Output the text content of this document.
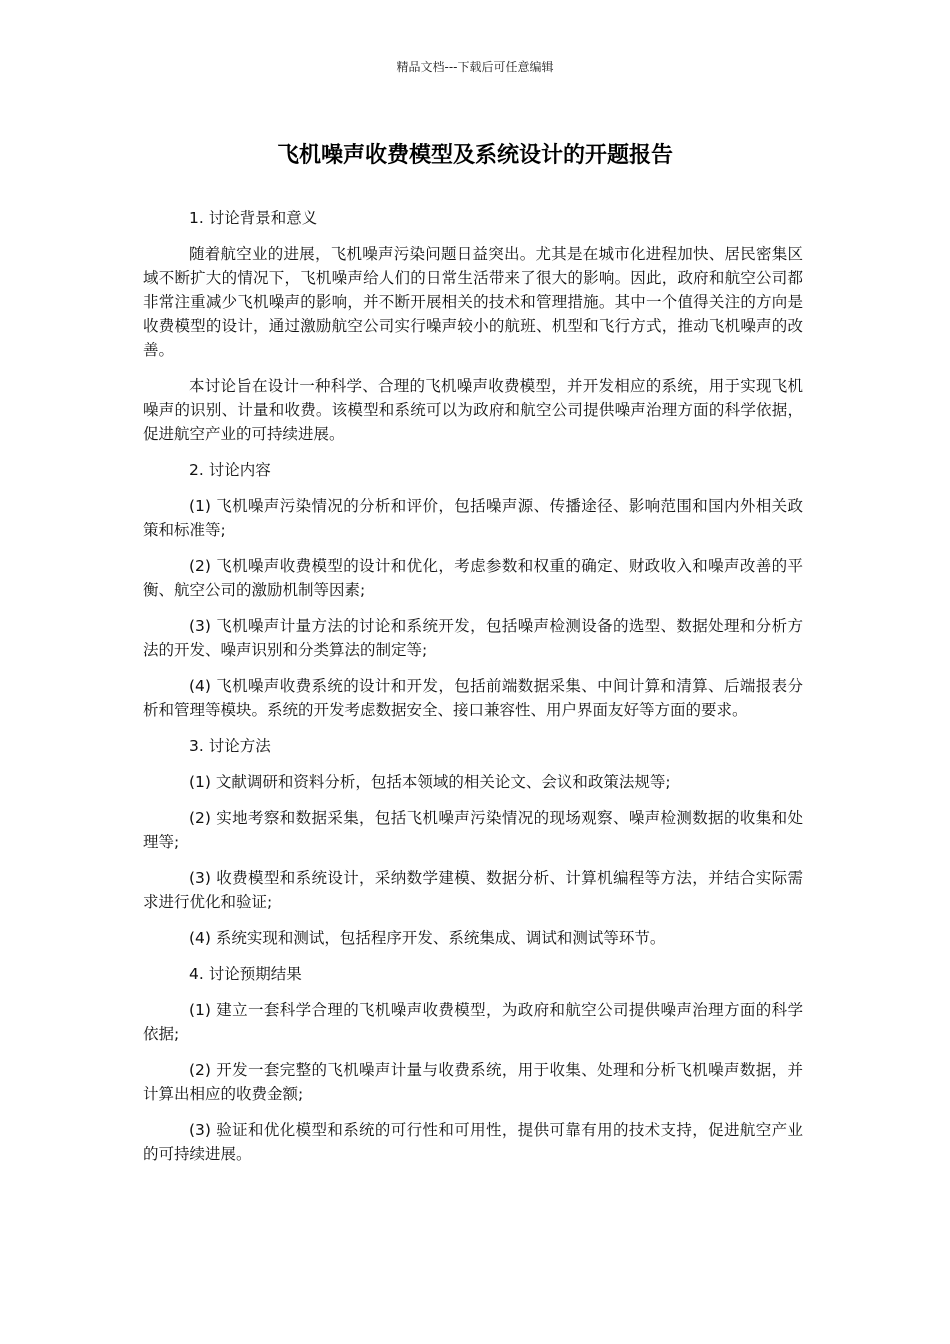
精品文档---下载后可任意编辑
飞机噪声收费模型及系统设计的开题报告

1. 讨论背景和意义

随着航空业的进展，飞机噪声污染问题日益突出。尤其是在城市化进程加快、居民密集区域不断扩大的情况下，飞机噪声给人们的日常生活带来了很大的影响。因此，政府和航空公司都非常注重减少飞机噪声的影响，并不断开展相关的技术和管理措施。其中一个值得关注的方向是收费模型的设计，通过激励航空公司实行噪声较小的航班、机型和飞行方式，推动飞机噪声的改善。

本讨论旨在设计一种科学、合理的飞机噪声收费模型，并开发相应的系统，用于实现飞机噪声的识别、计量和收费。该模型和系统可以为政府和航空公司提供噪声治理方面的科学依据，促进航空产业的可持续进展。

2. 讨论内容

(1) 飞机噪声污染情况的分析和评价，包括噪声源、传播途径、影响范围和国内外相关政策和标准等;

(2) 飞机噪声收费模型的设计和优化，考虑参数和权重的确定、财政收入和噪声改善的平衡、航空公司的激励机制等因素;

(3) 飞机噪声计量方法的讨论和系统开发，包括噪声检测设备的选型、数据处理和分析方法的开发、噪声识别和分类算法的制定等;

(4) 飞机噪声收费系统的设计和开发，包括前端数据采集、中间计算和清算、后端报表分析和管理等模块。系统的开发考虑数据安全、接口兼容性、用户界面友好等方面的要求。

3. 讨论方法

(1) 文献调研和资料分析，包括本领域的相关论文、会议和政策法规等;

(2) 实地考察和数据采集，包括飞机噪声污染情况的现场观察、噪声检测数据的收集和处理等;

(3) 收费模型和系统设计，采纳数学建模、数据分析、计算机编程等方法，并结合实际需求进行优化和验证;

(4) 系统实现和测试，包括程序开发、系统集成、调试和测试等环节。

4. 讨论预期结果

(1) 建立一套科学合理的飞机噪声收费模型，为政府和航空公司提供噪声治理方面的科学依据;

(2) 开发一套完整的飞机噪声计量与收费系统，用于收集、处理和分析飞机噪声数据，并计算出相应的收费金额;

(3) 验证和优化模型和系统的可行性和可用性，提供可靠有用的技术支持，促进航空产业的可持续进展。
